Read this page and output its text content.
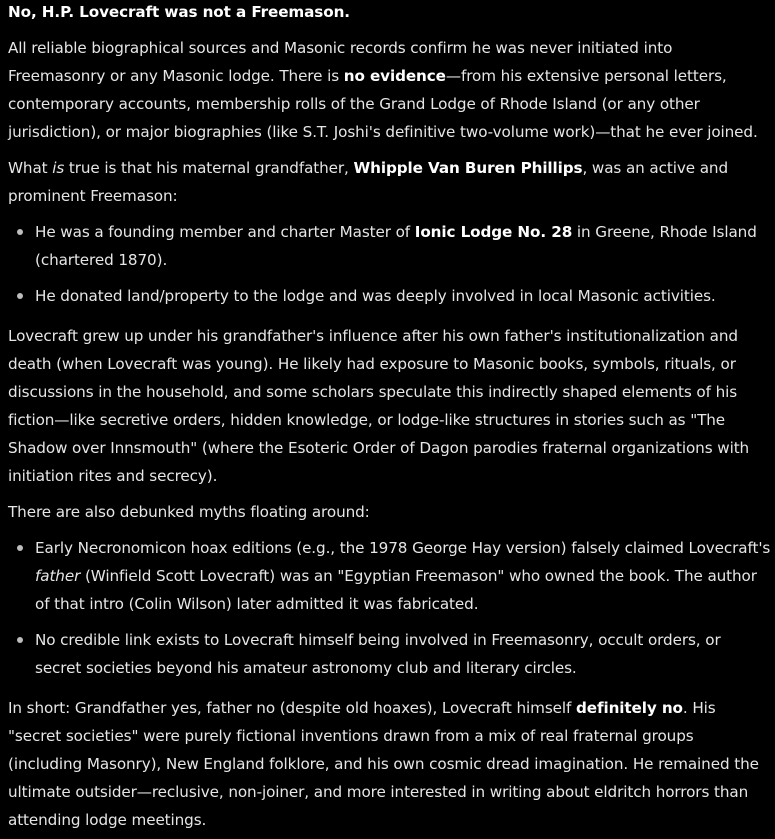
No, H.P. Lovecraft was not a Freemason.

All reliable biographical sources and Masonic records confirm he was never initiated into Freemasonry or any Masonic lodge. There is no evidence—from his extensive personal letters, contemporary accounts, membership rolls of the Grand Lodge of Rhode Island (or any other jurisdiction), or major biographies (like S.T. Joshi's definitive two-volume work)—that he ever joined.

What is true is that his maternal grandfather, Whipple Van Buren Phillips, was an active and prominent Freemason:

He was a founding member and charter Master of Ionic Lodge No. 28 in Greene, Rhode Island (chartered 1870).
He donated land/property to the lodge and was deeply involved in local Masonic activities.

Lovecraft grew up under his grandfather's influence after his own father's institutionalization and death (when Lovecraft was young). He likely had exposure to Masonic books, symbols, rituals, or discussions in the household, and some scholars speculate this indirectly shaped elements of his fiction—like secretive orders, hidden knowledge, or lodge-like structures in stories such as "The Shadow over Innsmouth" (where the Esoteric Order of Dagon parodies fraternal organizations with initiation rites and secrecy).

There are also debunked myths floating around:

Early Necronomicon hoax editions (e.g., the 1978 George Hay version) falsely claimed Lovecraft's father (Winfield Scott Lovecraft) was an "Egyptian Freemason" who owned the book. The author of that intro (Colin Wilson) later admitted it was fabricated.
No credible link exists to Lovecraft himself being involved in Freemasonry, occult orders, or secret societies beyond his amateur astronomy club and literary circles.

In short: Grandfather yes, father no (despite old hoaxes), Lovecraft himself definitely no. His "secret societies" were purely fictional inventions drawn from a mix of real fraternal groups (including Masonry), New England folklore, and his own cosmic dread imagination. He remained the ultimate outsider—reclusive, non-joiner, and more interested in writing about eldritch horrors than attending lodge meetings.
